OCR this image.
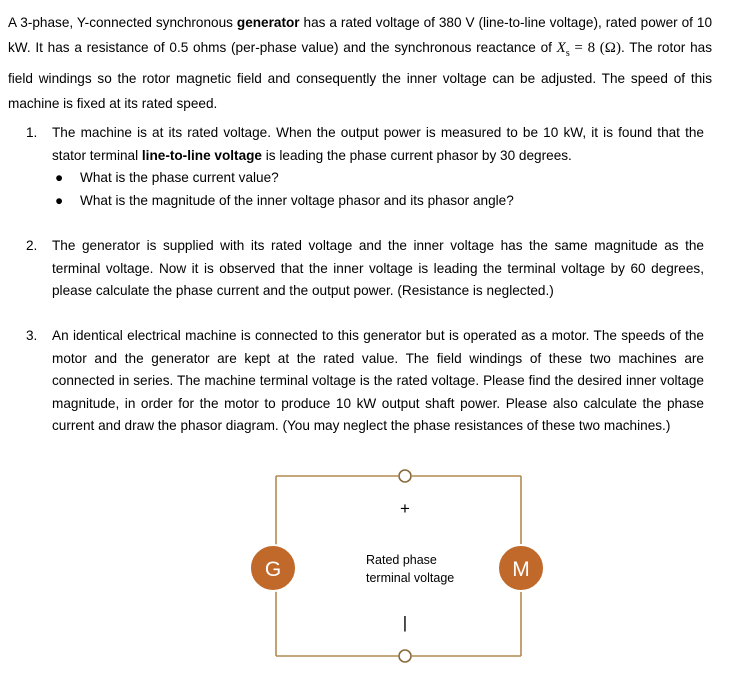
A 3-phase, Y-connected synchronous generator has a rated voltage of 380 V (line-to-line voltage), rated power of 10 kW. It has a resistance of 0.5 ohms (per-phase value) and the synchronous reactance of $X_s = 8$ (Ω). The rotor has field windings so the rotor magnetic field and consequently the inner voltage can be adjusted. The speed of this machine is fixed at its rated speed.

1. The machine is at its rated voltage. When the output power is measured to be 10 kW, it is found that the stator terminal line-to-line voltage is leading the phase current phasor by 30 degrees.
● What is the phase current value?
● What is the magnitude of the inner voltage phasor and its phasor angle?
2. The generator is supplied with its rated voltage and the inner voltage has the same magnitude as the terminal voltage. Now it is observed that the inner voltage is leading the terminal voltage by 60 degrees, please calculate the phase current and the output power. (Resistance is neglected.)
3. An identical electrical machine is connected to this generator but is operated as a motor. The speeds of the motor and the generator are kept at the rated value. The field windings of these two machines are connected in series. The machine terminal voltage is the rated voltage. Please find the desired inner voltage magnitude, in order for the motor to produce 10 kW output shaft power. Please also calculate the phase current and draw the phasor diagram. (You may neglect the phase resistances of these two machines.)
G	M
+
|
Rated phase
terminal voltage
